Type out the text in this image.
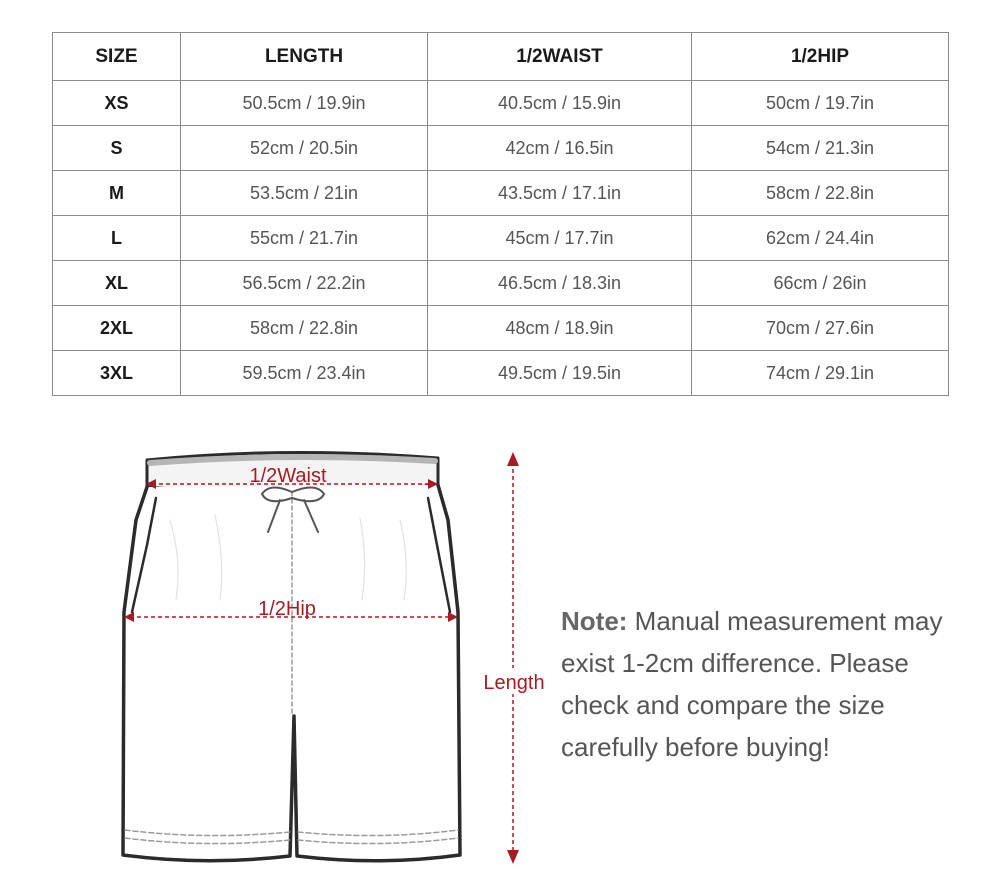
SIZE	LENGTH	1/2WAIST	1/2HIP
XS	50.5cm / 19.9in	40.5cm / 15.9in	50cm / 19.7in
S	52cm / 20.5in	42cm / 16.5in	54cm / 21.3in
M	53.5cm / 21in	43.5cm / 17.1in	58cm / 22.8in
L	55cm / 21.7in	45cm / 17.7in	62cm / 24.4in
XL	56.5cm / 22.2in	46.5cm / 18.3in	66cm / 26in
2XL	58cm / 22.8in	48cm / 18.9in	70cm / 27.6in
3XL	59.5cm / 23.4in	49.5cm / 19.5in	74cm / 29.1in
1/2Waist
1/2Hip
Length
Note: Manual measurement may exist 1-2cm difference. Please check and compare the size carefully before buying!
